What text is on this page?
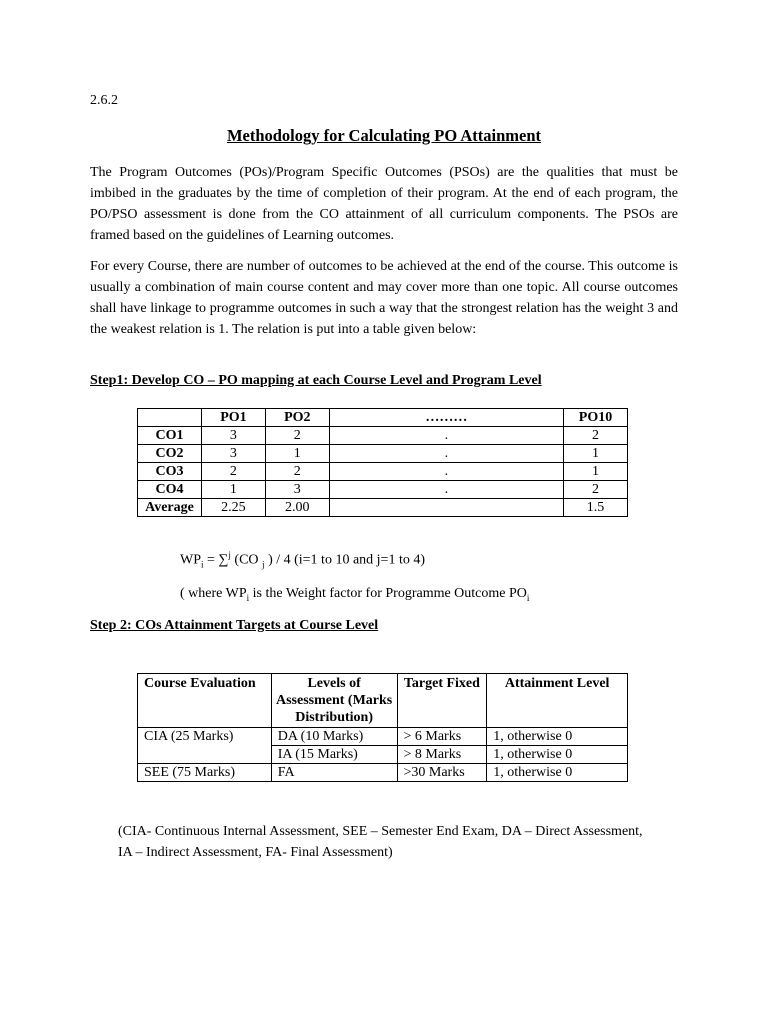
2.6.2
Methodology for Calculating PO Attainment
The Program Outcomes (POs)/Program Specific Outcomes (PSOs) are the qualities that must be imbibed in the graduates by the time of completion of their program. At the end of each program, the PO/PSO assessment is done from the CO attainment of all curriculum components. The PSOs are framed based on the guidelines of Learning outcomes.
For every Course, there are number of outcomes to be achieved at the end of the course. This outcome is usually a combination of main course content and may cover more than one topic. All course outcomes shall have linkage to programme outcomes in such a way that the strongest relation has the weight 3 and the weakest relation is 1. The relation is put into a table given below:
Step1: Develop CO – PO mapping at each Course Level and Program Level
	PO1	PO2	………	PO10
CO1	3	2	.	2
CO2	3	1	.	1
CO3	2	2	.	1
CO4	1	3	.	2
Average	2.25	2.00		1.5
$WP_i = \sum^j$ (CO $_j$ ) / 4 (i=1 to 10 and j=1 to 4)
( where $WP_i$ is the Weight factor for Programme Outcome $PO_i$
Step 2: COs Attainment Targets at Course Level
Course Evaluation	Levels of Assessment (Marks Distribution)	Target Fixed	Attainment Level
CIA (25 Marks)	DA (10 Marks)	> 6 Marks	1, otherwise 0
	IA (15 Marks)	> 8 Marks	1, otherwise 0
SEE (75 Marks)	FA	>30 Marks	1, otherwise 0
(CIA- Continuous Internal Assessment, SEE – Semester End Exam, DA – Direct Assessment, IA – Indirect Assessment, FA- Final Assessment)
